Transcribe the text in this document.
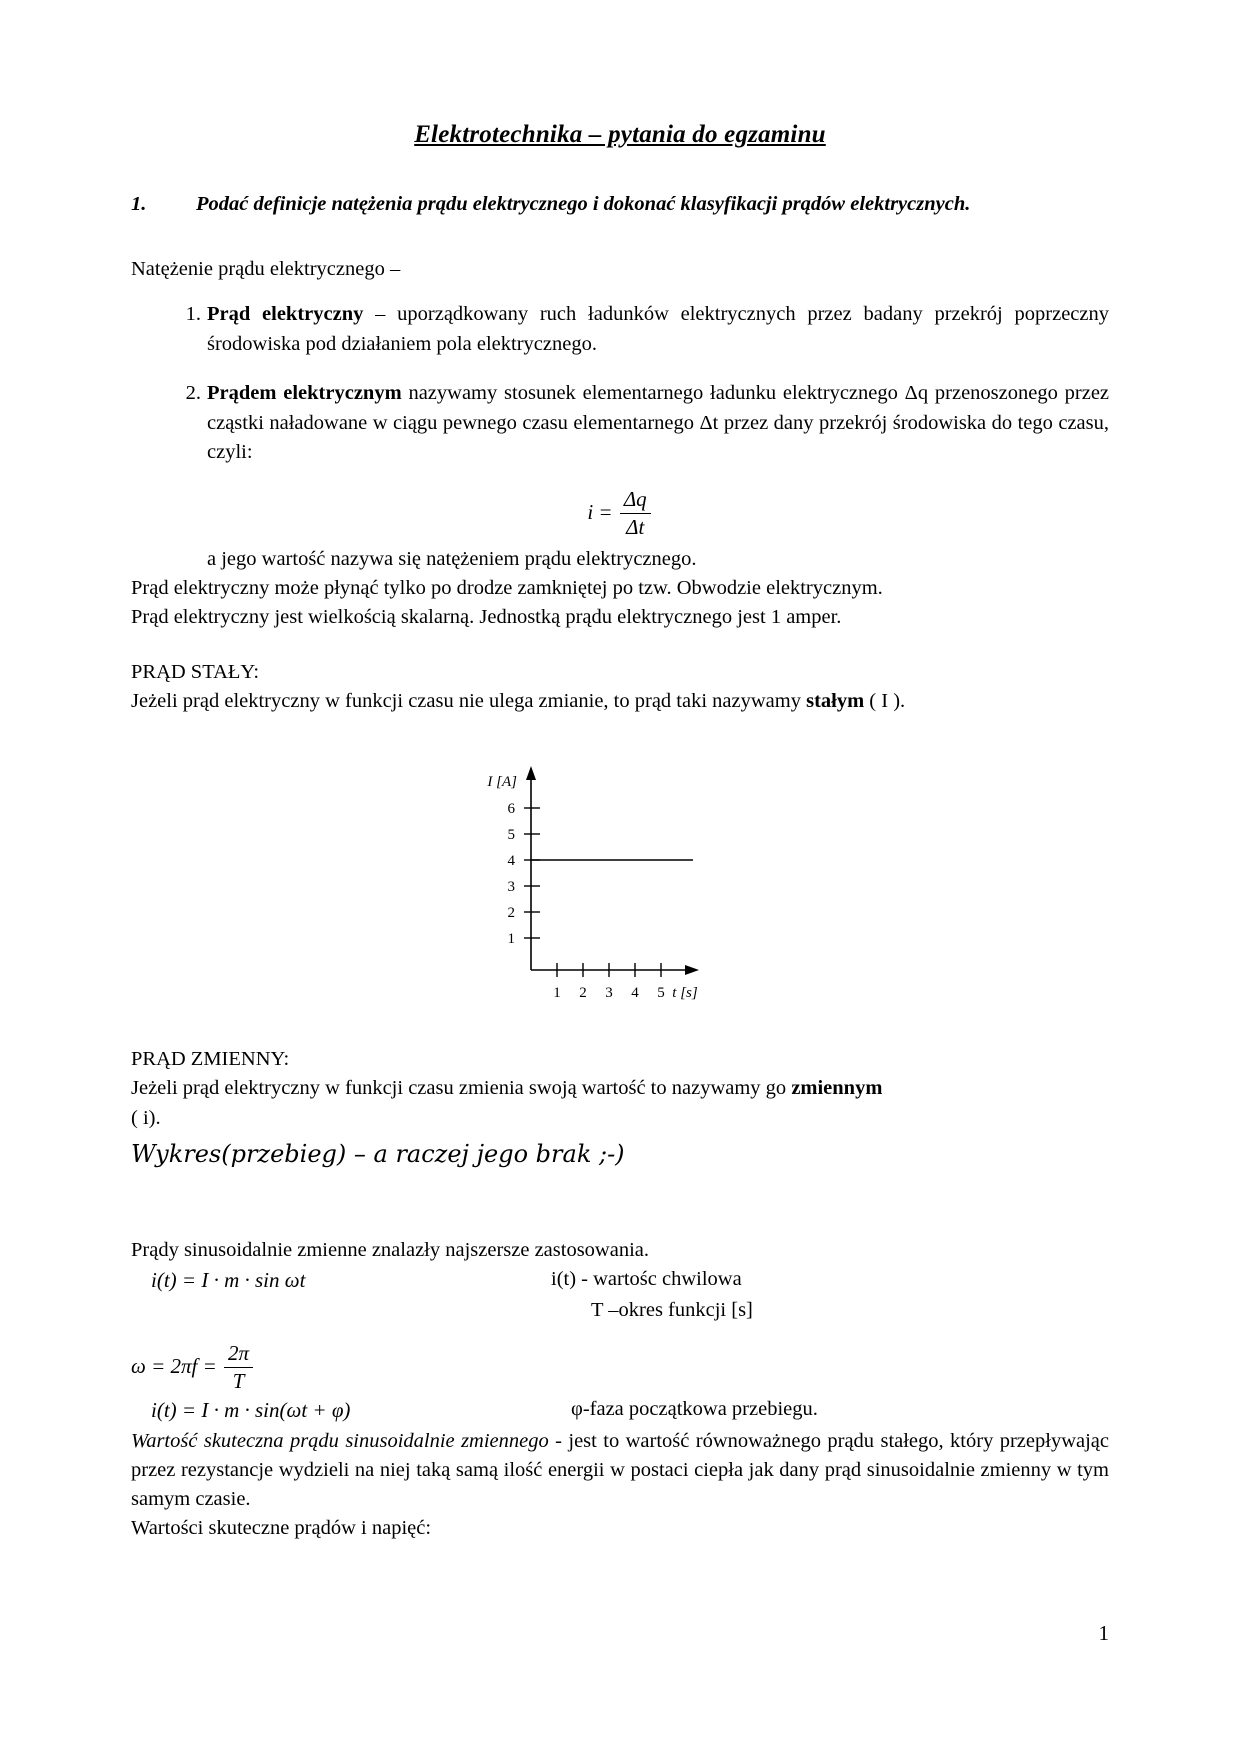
Elektrotechnika – pytania do egzaminu
1.	Podać definicje natężenia prądu elektrycznego i dokonać klasyfikacji prądów elektrycznych.

Natężenie prądu elektrycznego –

1. Prąd elektryczny – uporządkowany ruch ładunków elektrycznych przez badany przekrój poprzeczny środowiska pod działaniem pola elektrycznego.
2. Prądem elektrycznym nazywamy stosunek elementarnego ładunku elektrycznego Δq przenoszonego przez cząstki naładowane w ciągu pewnego czasu elementarnego Δt przez dany przekrój środowiska do tego czasu, czyli:
$i = \frac{\Delta q}{\Delta t}$

a jego wartość nazywa się natężeniem prądu elektrycznego.

Prąd elektryczny może płynąć tylko po drodze zamkniętej po tzw. Obwodzie elektrycznym.

Prąd elektryczny jest wielkością skalarną. Jednostką prądu elektrycznego jest 1 amper.

PRĄD STAŁY:

Jeżeli prąd elektryczny w funkcji czasu nie ulega zmianie, to prąd taki nazywamy stałym ( I ).

6
5
4
3
2
1
I [A]
1 2 3 4 5 t [s]

PRĄD ZMIENNY:

Jeżeli prąd elektryczny w funkcji czasu zmienia swoją wartość to nazywamy go zmiennym

( i).

Wykres(przebieg) – a raczej jego brak ;-)

Prądy sinusoidalnie zmienne znalazły najszersze zastosowania.

i(t) = I · m · sin ωt	i(t) - wartośc chwilowa
T –okres funkcji [s]
$\omega = 2\pi f = \frac{2\pi}{T}$
i(t) = I · m · sin(ωt + φ)	φ-faza początkowa przebiegu.

Wartość skuteczna prądu sinusoidalnie zmiennego - jest to wartość równoważnego prądu stałego, który przepływając przez rezystancje wydzieli na niej taką samą ilość energii w postaci ciepła jak dany prąd sinusoidalnie zmienny w tym samym czasie.

Wartości skuteczne prądów i napięć:

1
